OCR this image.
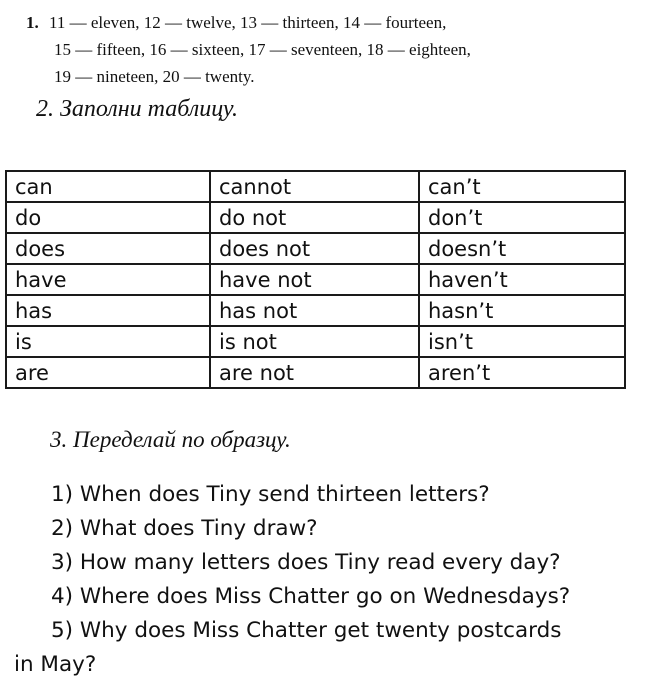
1. 11 — eleven, 12 — twelve, 13 — thirteen, 14 — fourteen,
15 — fifteen, 16 — sixteen, 17 — seventeen, 18 — eighteen,
19 — nineteen, 20 — twenty.
2. Заполни таблицу.
can	cannot	can’t
do	do not	don’t
does	does not	doesn’t
have	have not	haven’t
has	has not	hasn’t
is	is not	isn’t
are	are not	aren’t
3. Переделай по образцу.
1) When does Tiny send thirteen letters?
2) What does Tiny draw?
3) How many letters does Tiny read every day?
4) Where does Miss Chatter go on Wednesdays?
5) Why does Miss Chatter get twenty postcards
in May?
